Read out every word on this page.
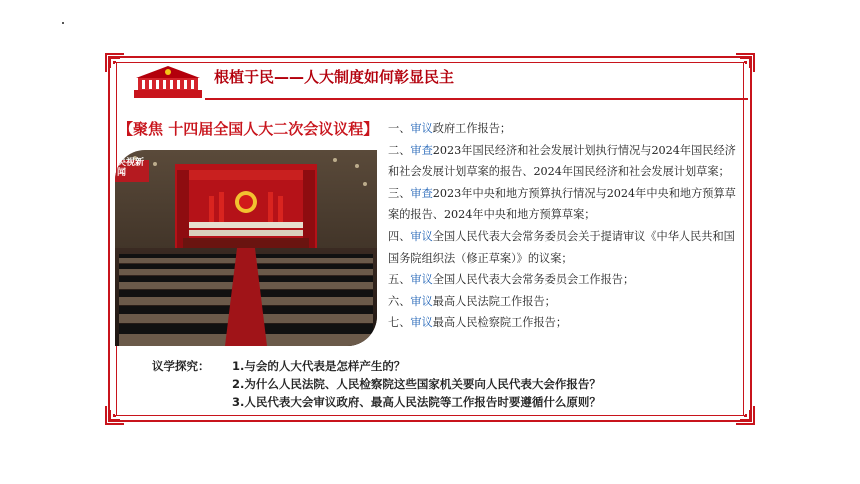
根植于民——人大制度如何彰显民主
【聚焦 十四届全国人大二次会议议程】
央视新闻
一、审议政府工作报告；
二、审查2023年国民经济和社会发展计划执行情况与2024年国民经济和社会发展计划草案的报告、2024年国民经济和社会发展计划草案；
三、审查2023年中央和地方预算执行情况与2024年中央和地方预算草案的报告、2024年中央和地方预算草案；
四、审议全国人民代表大会常务委员会关于提请审议《中华人民共和国国务院组织法（修正草案）》的议案；
五、审议全国人民代表大会常务委员会工作报告；
六、审议最高人民法院工作报告；
七、审议最高人民检察院工作报告；
议学探究： 1.与会的人大代表是怎样产生的？
2.为什么人民法院、人民检察院这些国家机关要向人民代表大会作报告？
3.人民代表大会审议政府、最高人民法院等工作报告时要遵循什么原则？
